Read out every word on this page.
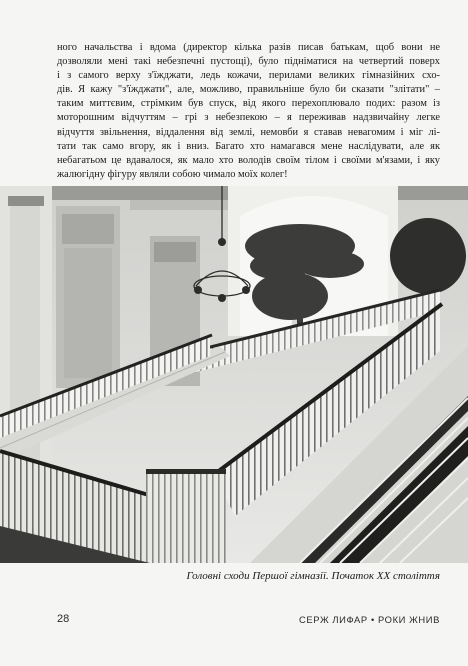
ного начальства і вдома (директор кілька разів писав батькам, щоб вони не
дозволяли мені такі небезпечні пустощі), було підніматися на четвертий поверх
і з самого верху з'їжджати, ледь кожачи, перилами великих гімназійних схо-
дів. Я кажу "з'їжджати", але, можливо, правильніше було би сказати "злітати" –
таким миттєвим, стрімким був спуск, від якого перехоплювало подих: разом із
моторошним відчуттям – грі з небезпекою – я переживав надзвичайну легке
відчуття звільнення, віддалення від землі, немовби я ставав невагомим і міг лі-
тати так само вгору, як і вниз. Багато хто намагався мене наслідувати, але як
небагатьом це вдавалося, як мало хто володів своїм тілом і своїми м'язами, і яку
жалюгідну фігуру являли собою чимало моїх колег!
Головні сходи Першої гімназії. Початок XX століття
28	СЕРЖ ЛИФАР • РОКИ ЖНИВ
